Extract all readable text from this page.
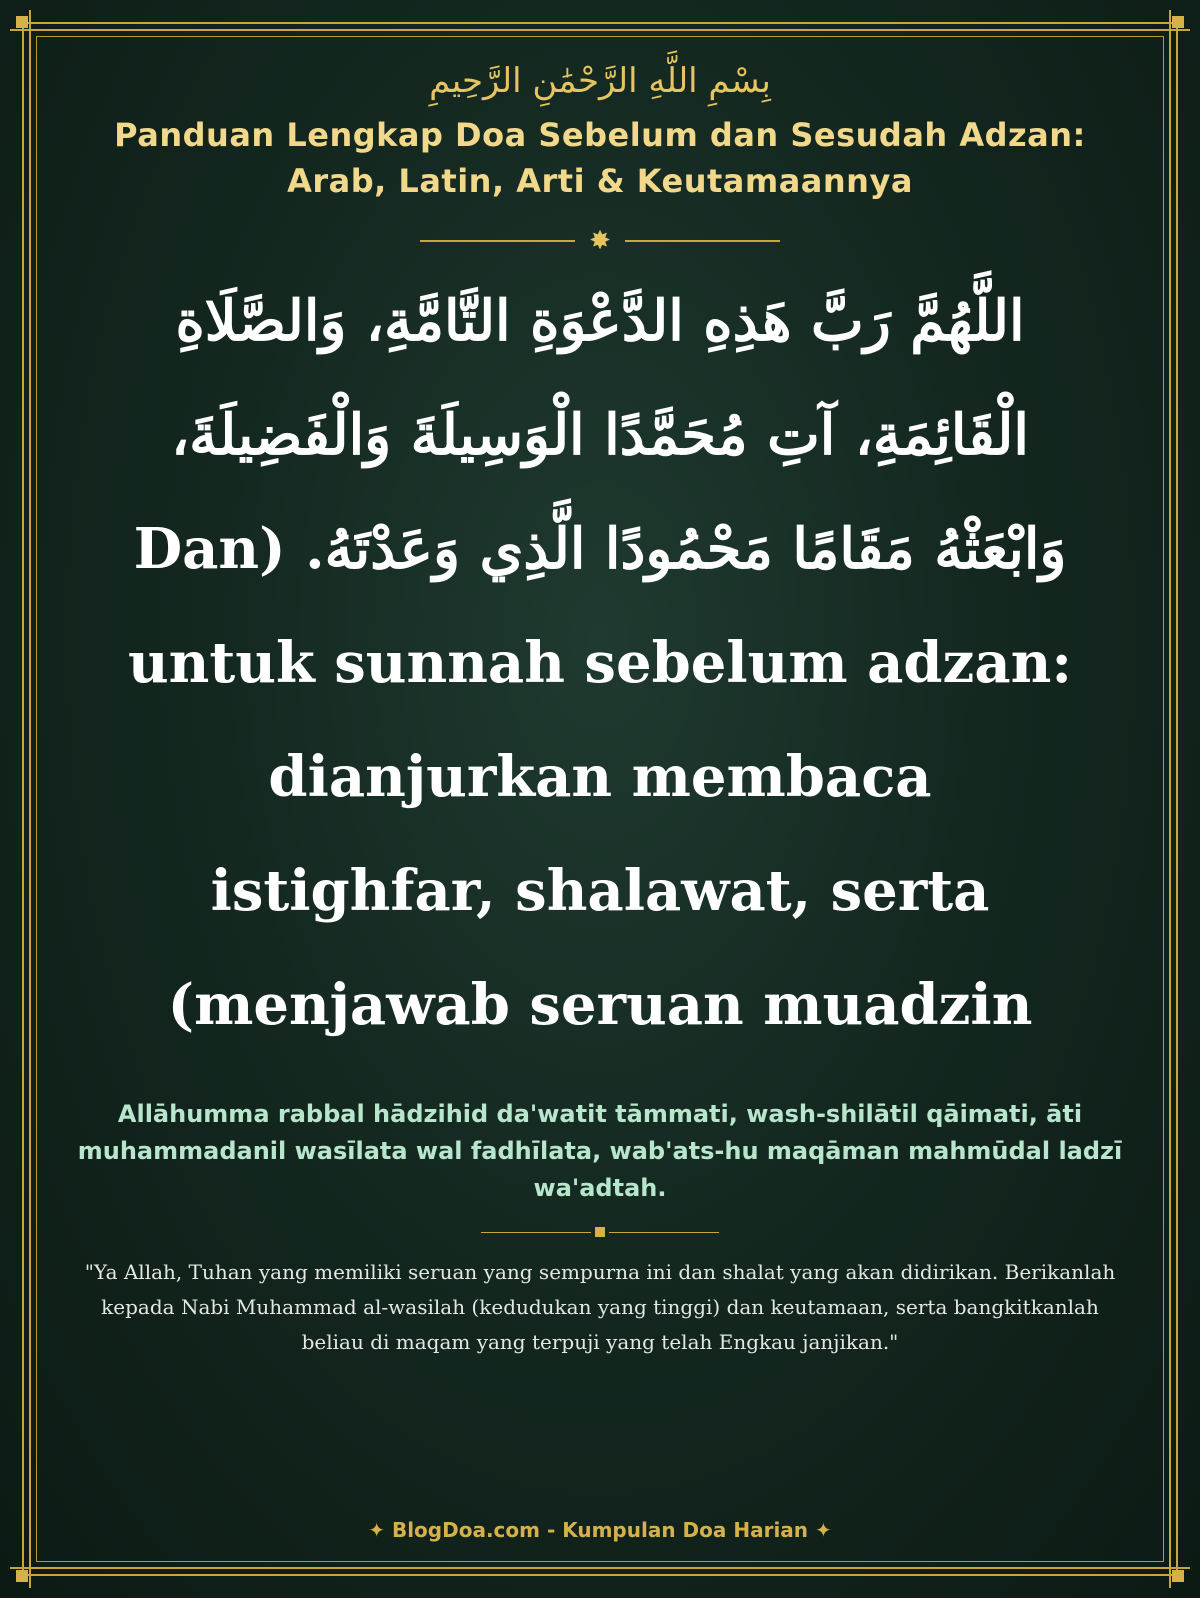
بِسْمِ اللَّهِ الرَّحْمَٰنِ الرَّحِيمِ
Panduan Lengkap Doa Sebelum dan Sesudah Adzan:
Arab, Latin, Arti & Keutamaannya
✸
اللَّهُمَّ رَبَّ هَذِهِ الدَّعْوَةِ التَّامَّةِ، وَالصَّلَاةِ الْقَائِمَةِ، آتِ مُحَمَّدًا الْوَسِيلَةَ وَالْفَضِيلَةَ، وَابْعَثْهُ مَقَامًا مَحْمُودًا الَّذِي وَعَدْتَهُ. (Dan untuk sunnah sebelum adzan: dianjurkan membaca istighfar, shalawat, serta menjawab seruan muadzin)
Allāhumma rabbal hādzihid da'watit tāmmati, wash-shilātil qāimati, āti muhammadanil wasīlata wal fadhīlata, wab'ats-hu maqāman mahmūdal ladzī wa'adtah.
"Ya Allah, Tuhan yang memiliki seruan yang sempurna ini dan shalat yang akan didirikan. Berikanlah kepada Nabi Muhammad al-wasilah (kedudukan yang tinggi) dan keutamaan, serta bangkitkanlah beliau di maqam yang terpuji yang telah Engkau janjikan."
✦ BlogDoa.com - Kumpulan Doa Harian ✦
